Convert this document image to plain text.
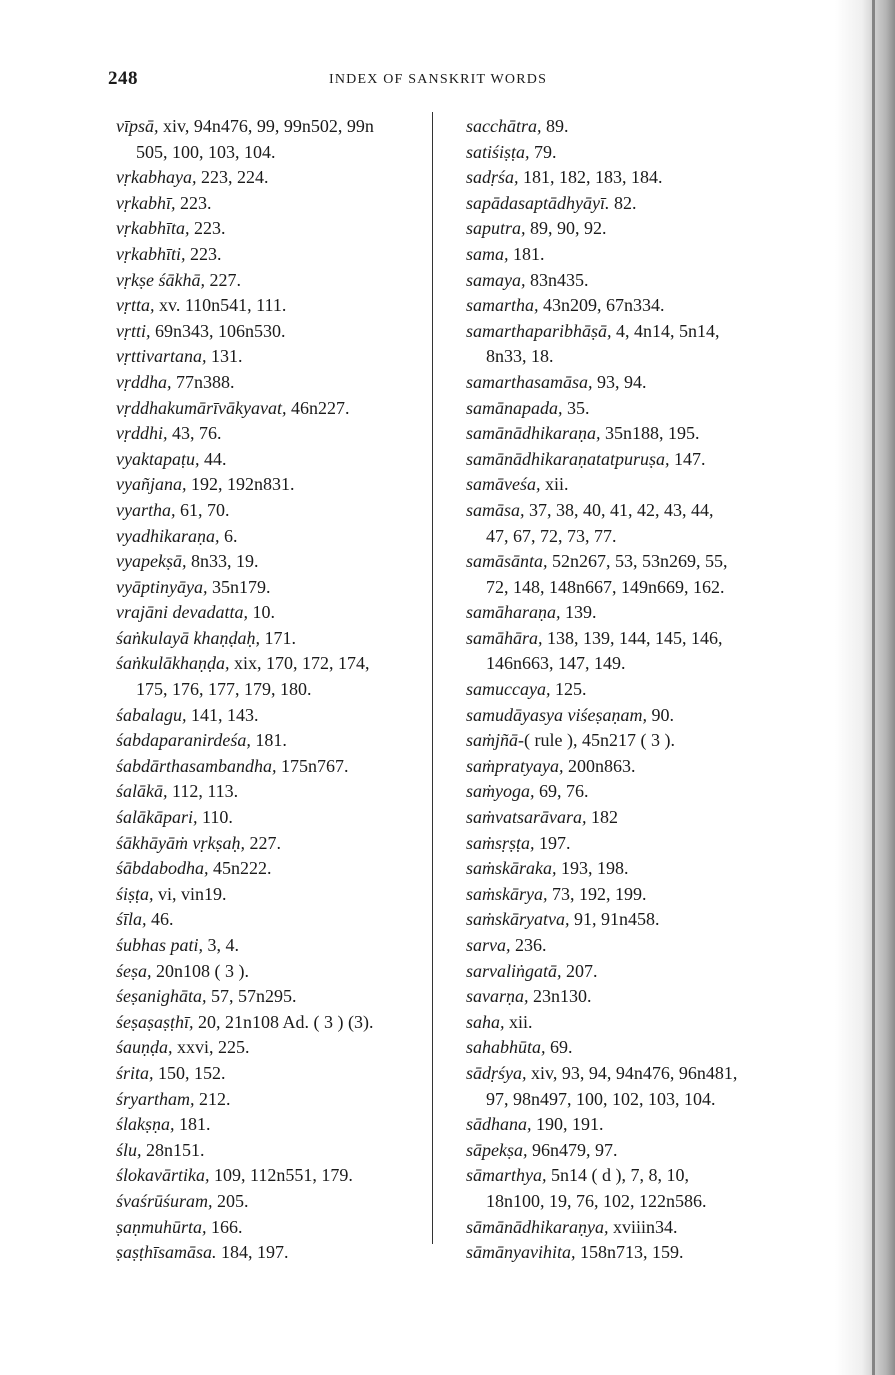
248	INDEX OF SANSKRIT WORDS
vīpsā, xiv, 94n476, 99, 99n502, 99n
505, 100, 103, 104.
vṛkabhaya, 223, 224.
vṛkabhī, 223.
vṛkabhīta, 223.
vṛkabhīti, 223.
vṛkṣe śākhā, 227.
vṛtta, xv. 110n541, 111.
vṛtti, 69n343, 106n530.
vṛttivartana, 131.
vṛddha, 77n388.
vṛddhakumārīvākyavat, 46n227.
vṛddhi, 43, 76.
vyaktapaṭu, 44.
vyañjana, 192, 192n831.
vyartha, 61, 70.
vyadhikaraṇa, 6.
vyapekṣā, 8n33, 19.
vyāptinyāya, 35n179.
vrajāni devadatta, 10.
śaṅkulayā khaṇḍaḥ, 171.
śaṅkulākhaṇḍa, xix, 170, 172, 174,
175, 176, 177, 179, 180.
śabalagu, 141, 143.
śabdaparanirdeśa, 181.
śabdārthasambandha, 175n767.
śalākā, 112, 113.
śalākāpari, 110.
śākhāyāṁ vṛkṣaḥ, 227.
śābdabodha, 45n222.
śiṣṭa, vi, vin19.
śīla, 46.
śubhas pati, 3, 4.
śeṣa, 20n108 ( 3 ).
śeṣanighāta, 57, 57n295.
śeṣaṣaṣṭhī, 20, 21n108 Ad. ( 3 ) (3).
śauṇḍa, xxvi, 225.
śrita, 150, 152.
śryartham, 212.
ślakṣṇa, 181.
ślu, 28n151.
ślokavārtika, 109, 112n551, 179.
śvaśrūśuram, 205.
ṣaṇmuhūrta, 166.
ṣaṣṭhīsamāsa. 184, 197.
sacchātra, 89.
satiśiṣṭa, 79.
sadṛśa, 181, 182, 183, 184.
sapādasaptādhyāyī. 82.
saputra, 89, 90, 92.
sama, 181.
samaya, 83n435.
samartha, 43n209, 67n334.
samarthaparibhāṣā, 4, 4n14, 5n14,
8n33, 18.
samarthasamāsa, 93, 94.
samānapada, 35.
samānādhikaraṇa, 35n188, 195.
samānādhikaraṇatatpuruṣa, 147.
samāveśa, xii.
samāsa, 37, 38, 40, 41, 42, 43, 44,
47, 67, 72, 73, 77.
samāsānta, 52n267, 53, 53n269, 55,
72, 148, 148n667, 149n669, 162.
samāharaṇa, 139.
samāhāra, 138, 139, 144, 145, 146,
146n663, 147, 149.
samuccaya, 125.
samudāyasya viśeṣaṇam, 90.
saṁjñā-( rule ), 45n217 ( 3 ).
saṁpratyaya, 200n863.
saṁyoga, 69, 76.
saṁvatsarāvara, 182
saṁsṛṣṭa, 197.
saṁskāraka, 193, 198.
saṁskārya, 73, 192, 199.
saṁskāryatva, 91, 91n458.
sarva, 236.
sarvaliṅgatā, 207.
savarṇa, 23n130.
saha, xii.
sahabhūta, 69.
sādṛśya, xiv, 93, 94, 94n476, 96n481,
97, 98n497, 100, 102, 103, 104.
sādhana, 190, 191.
sāpekṣa, 96n479, 97.
sāmarthya, 5n14 ( d ), 7, 8, 10,
18n100, 19, 76, 102, 122n586.
sāmānādhikaraṇya, xviiin34.
sāmānyavihita, 158n713, 159.
